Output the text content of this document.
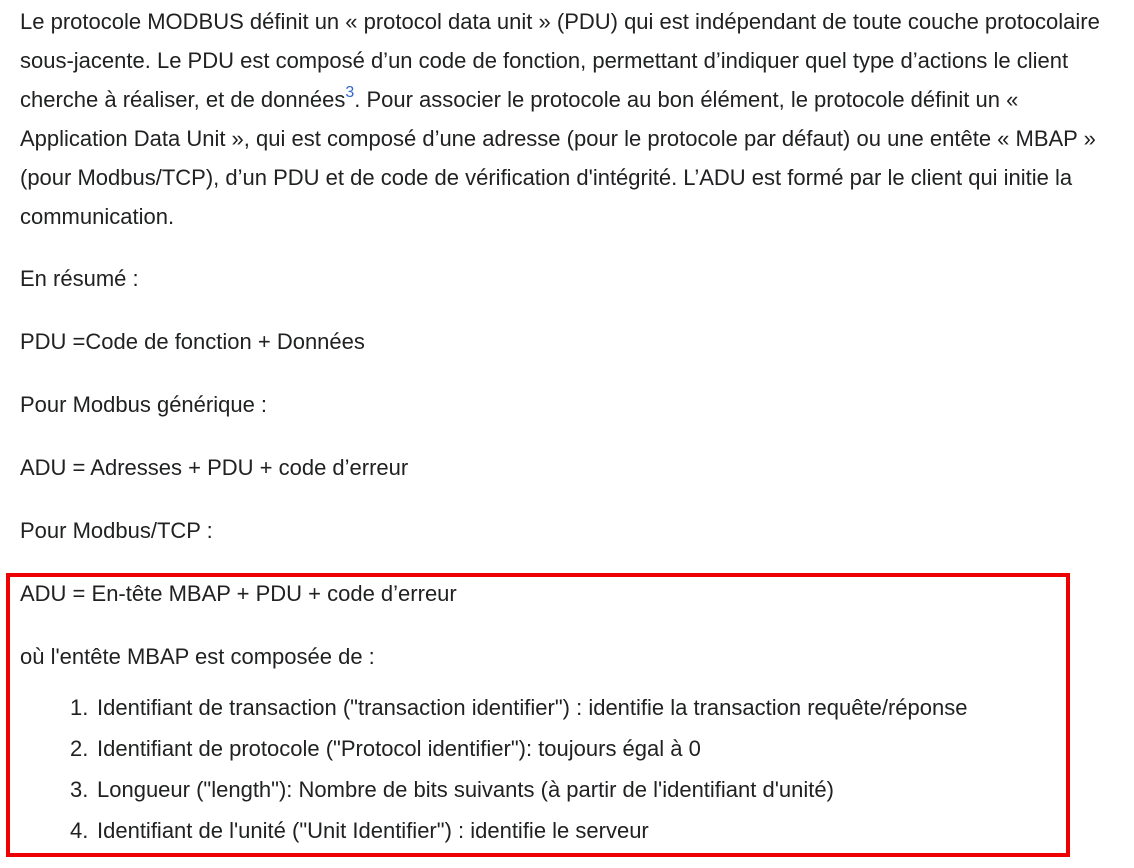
Le protocole MODBUS définit un « protocol data unit » (PDU) qui est indépendant de toute couche protocolaire sous-jacente. Le PDU est composé d’un code de fonction, permettant d’indiquer quel type d’actions le client cherche à réaliser, et de données$^3$. Pour associer le protocole au bon élément, le protocole définit un « Application Data Unit », qui est composé d’une adresse (pour le protocole par défaut) ou une entête « MBAP » (pour Modbus/TCP), d’un PDU et de code de vérification d'intégrité. L’ADU est formé par le client qui initie la communication.

En résumé :

PDU =Code de fonction + Données

Pour Modbus générique :

ADU = Adresses + PDU + code d’erreur

Pour Modbus/TCP :

ADU = En-tête MBAP + PDU + code d’erreur

où l'entête MBAP est composée de :

1. Identifiant de transaction ("transaction identifier") : identifie la transaction requête/réponse

2. Identifiant de protocole ("Protocol identifier"): toujours égal à 0

3. Longueur ("length"): Nombre de bits suivants (à partir de l'identifiant d'unité)

4. Identifiant de l'unité ("Unit Identifier") : identifie le serveur
